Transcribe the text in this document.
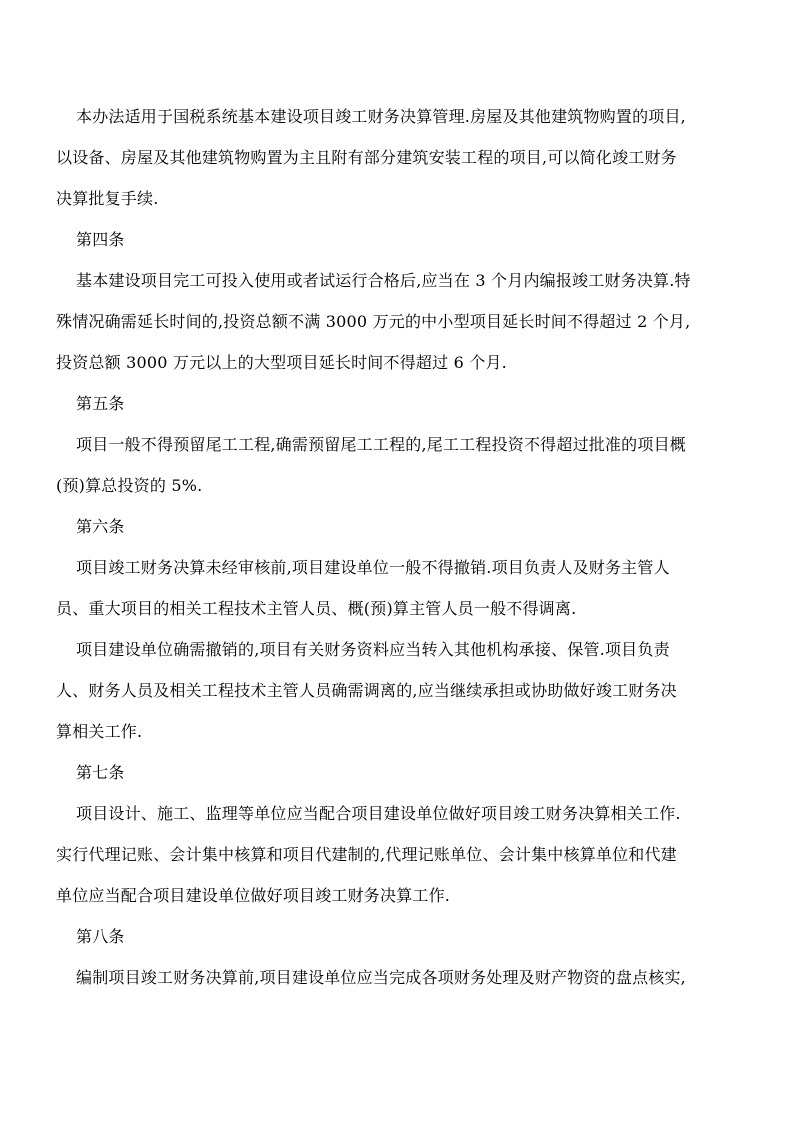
本办法适用于国税系统基本建设项目竣工财务决算管理.房屋及其他建筑物购置的项目,
以设备、房屋及其他建筑物购置为主且附有部分建筑安装工程的项目,可以简化竣工财务
决算批复手续.
第四条
基本建设项目完工可投入使用或者试运行合格后,应当在 3 个月内编报竣工财务决算.特
殊情况确需延长时间的,投资总额不满 3000 万元的中小型项目延长时间不得超过 2 个月,
投资总额 3000 万元以上的大型项目延长时间不得超过 6 个月.
第五条
项目一般不得预留尾工工程,确需预留尾工工程的,尾工工程投资不得超过批准的项目概
(预)算总投资的 5%.
第六条
项目竣工财务决算未经审核前,项目建设单位一般不得撤销.项目负责人及财务主管人
员、重大项目的相关工程技术主管人员、概(预)算主管人员一般不得调离.
项目建设单位确需撤销的,项目有关财务资料应当转入其他机构承接、保管.项目负责
人、财务人员及相关工程技术主管人员确需调离的,应当继续承担或协助做好竣工财务决
算相关工作.
第七条
项目设计、施工、监理等单位应当配合项目建设单位做好项目竣工财务决算相关工作.
实行代理记账、会计集中核算和项目代建制的,代理记账单位、会计集中核算单位和代建
单位应当配合项目建设单位做好项目竣工财务决算工作.
第八条
编制项目竣工财务决算前,项目建设单位应当完成各项财务处理及财产物资的盘点核实,
